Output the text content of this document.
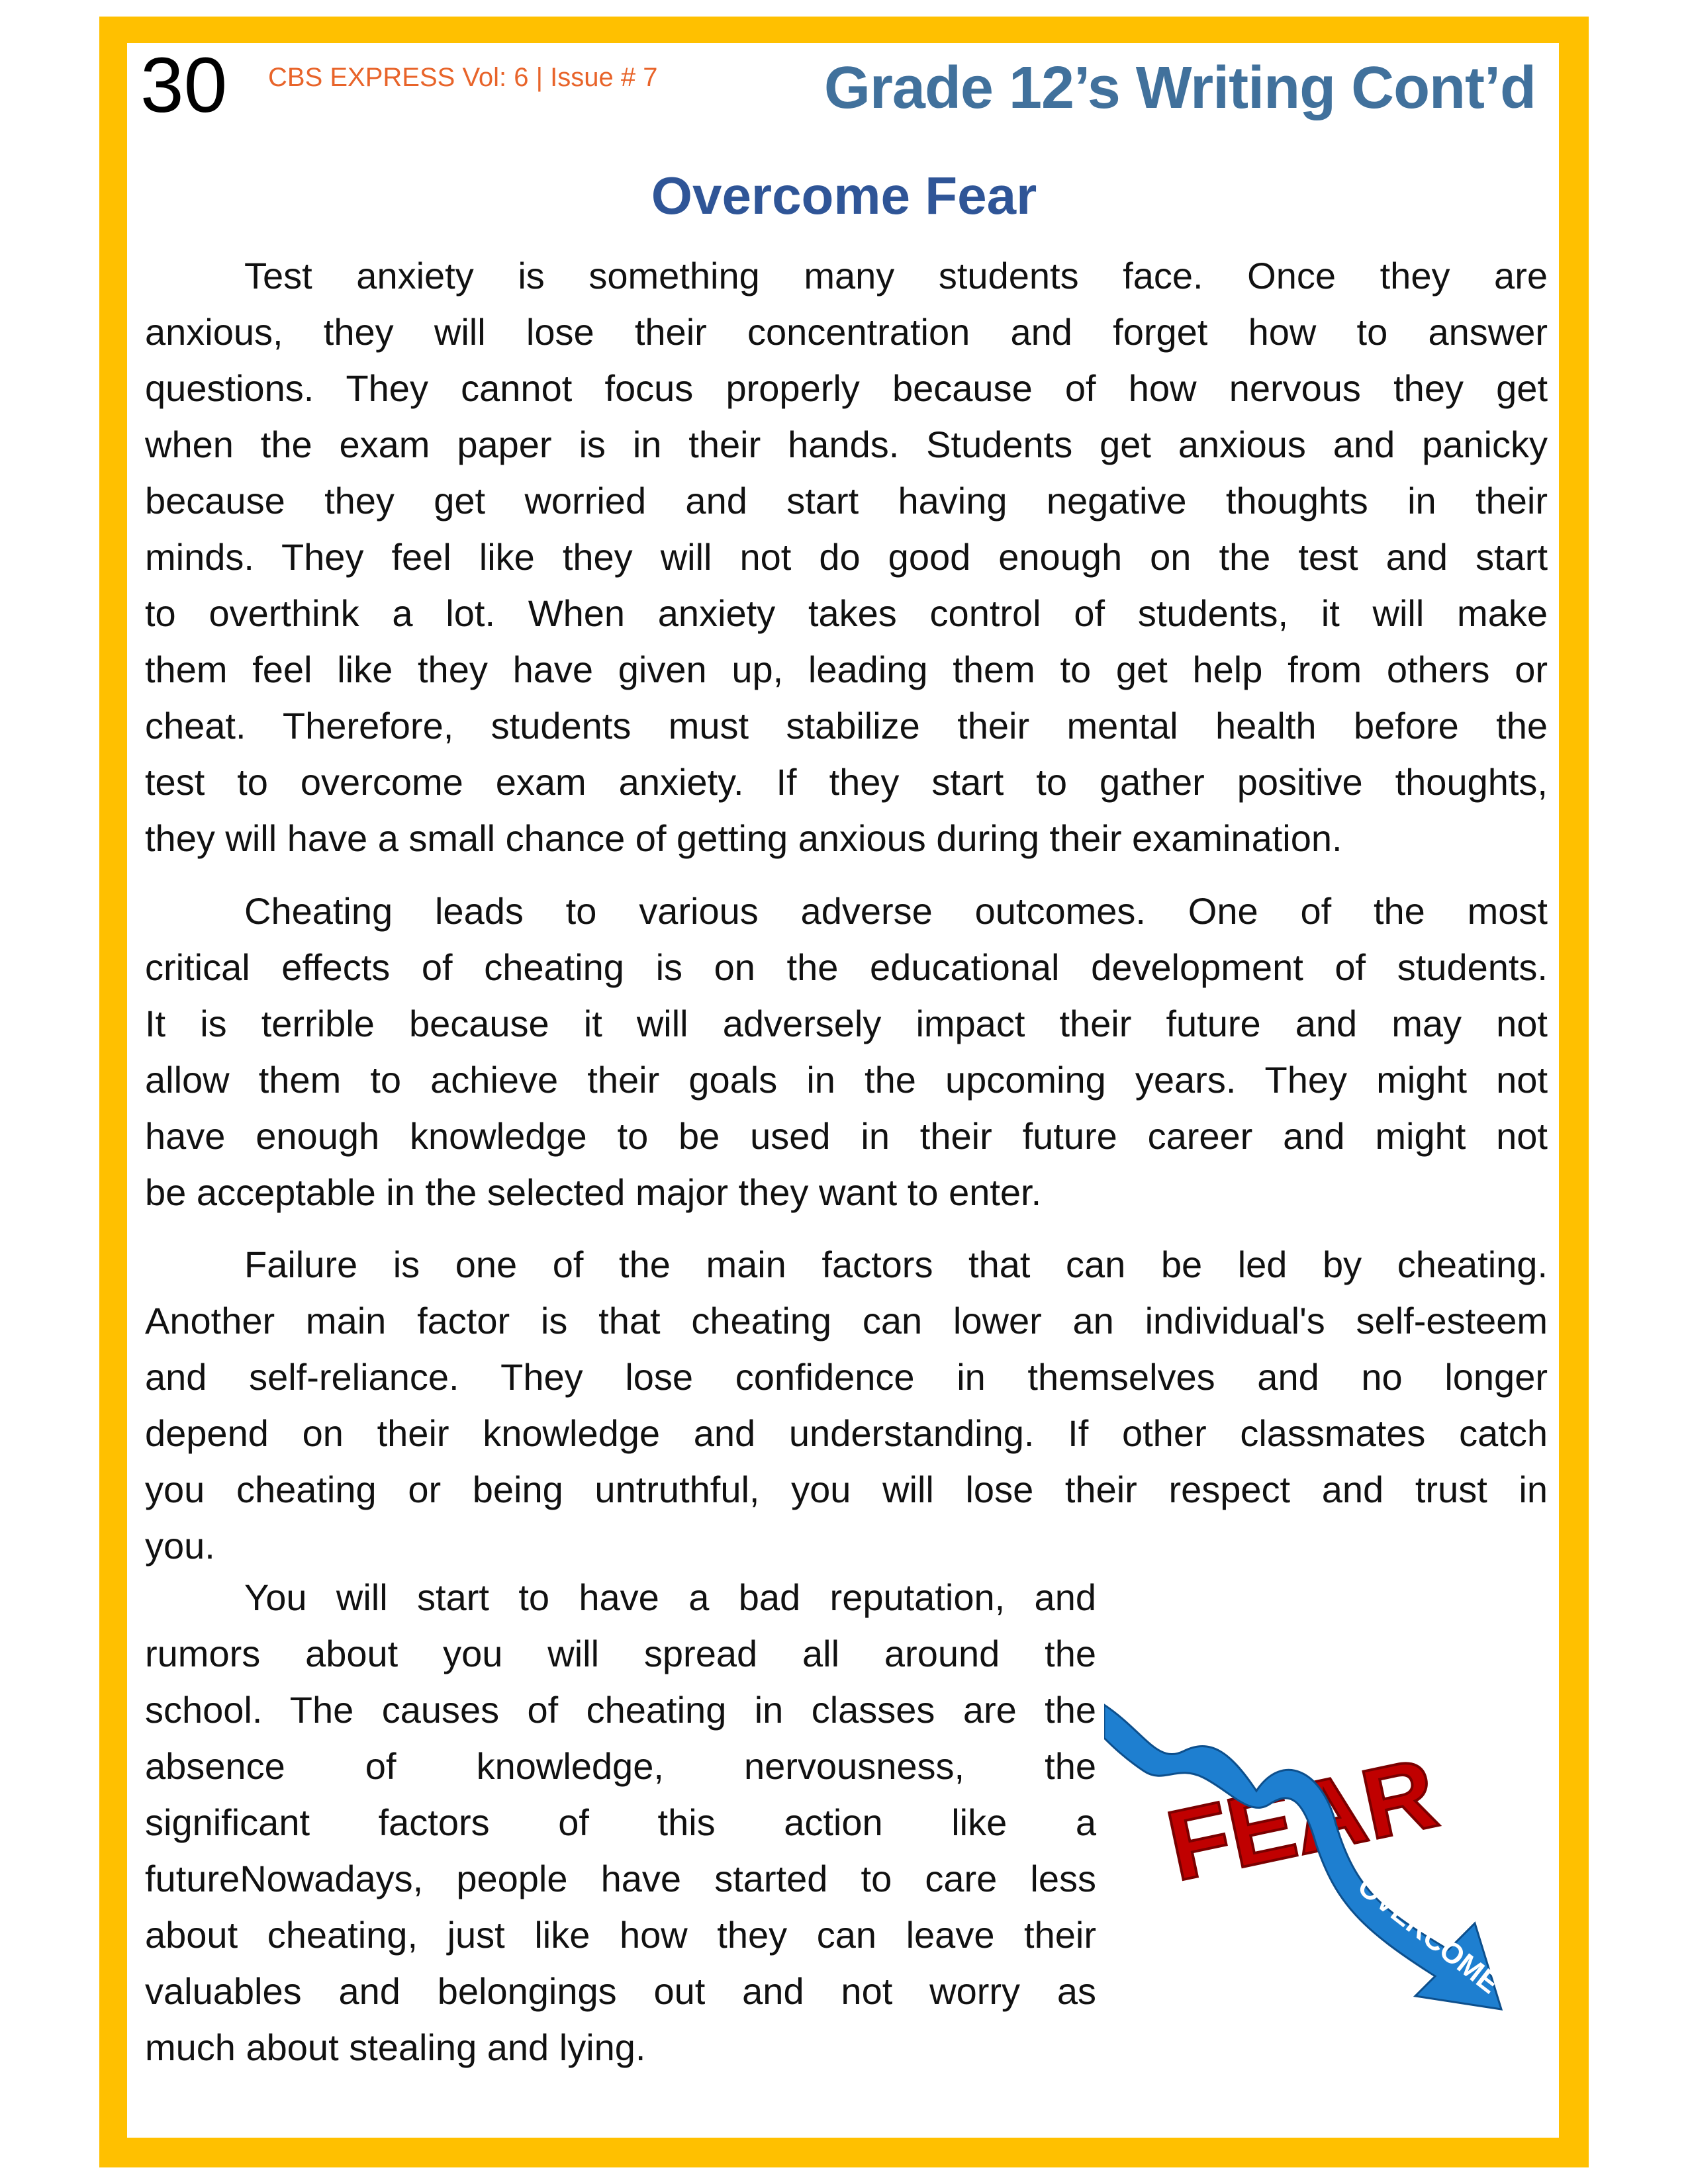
30 CBS EXPRESS Vol: 6 | Issue # 7	Grade 12’s Writing Cont’d
Overcome Fear
Test anxiety is something many students face. Once they are
anxious, they will lose their concentration and forget how to answer
questions. They cannot focus properly because of how nervous they get
when the exam paper is in their hands. Students get anxious and panicky
because they get worried and start having negative thoughts in their
minds. They feel like they will not do good enough on the test and start
to overthink a lot. When anxiety takes control of students, it will make
them feel like they have given up, leading them to get help from others or
cheat. Therefore, students must stabilize their mental health before the
test to overcome exam anxiety. If they start to gather positive thoughts,
they will have a small chance of getting anxious during their examination.
Cheating leads to various adverse outcomes. One of the most
critical effects of cheating is on the educational development of students.
It is terrible because it will adversely impact their future and may not
allow them to achieve their goals in the upcoming years. They might not
have enough knowledge to be used in their future career and might not
be acceptable in the selected major they want to enter.
Failure is one of the main factors that can be led by cheating.
Another main factor is that cheating can lower an individual's self-esteem
and self-reliance. They lose confidence in themselves and no longer
depend on their knowledge and understanding. If other classmates catch
you cheating or being untruthful, you will lose their respect and trust in
you.
You will start to have a bad reputation, and
rumors about you will spread all around the
school. The causes of cheating in classes are the
absence of knowledge, nervousness, the
significant factors of this action like a
futureNowadays, people have started to care less
about cheating, just like how they can leave their
valuables and belongings out and not worry as
much about stealing and lying.
FEAR
OVERCOME
